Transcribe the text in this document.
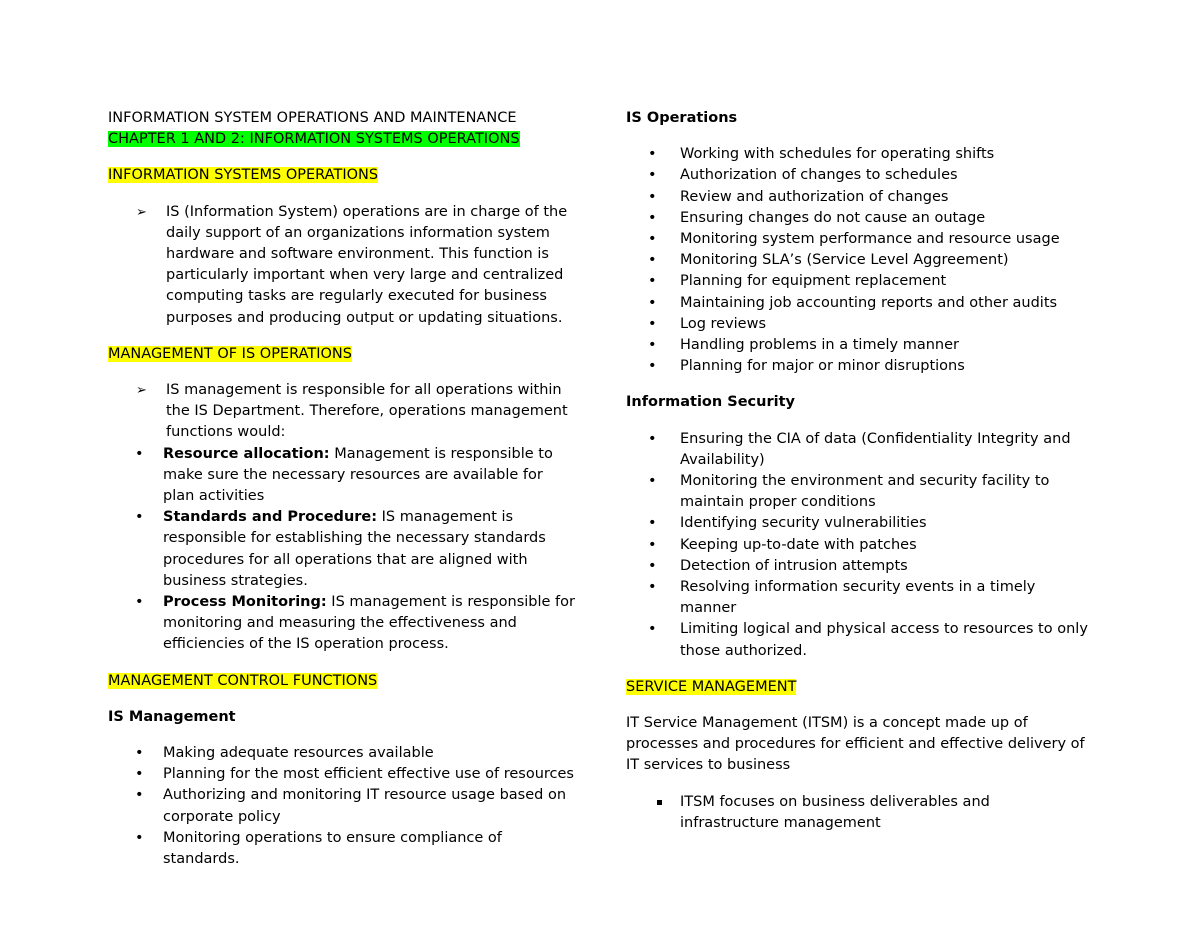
INFORMATION SYSTEM OPERATIONS AND MAINTENANCE

CHAPTER 1 AND 2: INFORMATION SYSTEMS OPERATIONS

INFORMATION SYSTEMS OPERATIONS

➢ IS (Information System) operations are in charge of the daily support of an organizations information system hardware and software environment. This function is particularly important when very large and centralized computing tasks are regularly executed for business purposes and producing output or updating situations.

MANAGEMENT OF IS OPERATIONS

➢ IS management is responsible for all operations within the IS Department. Therefore, operations management functions would:
• Resource allocation: Management is responsible to make sure the necessary resources are available for plan activities
• Standards and Procedure: IS management is responsible for establishing the necessary standards procedures for all operations that are aligned with business strategies.
• Process Monitoring: IS management is responsible for monitoring and measuring the effectiveness and efficiencies of the IS operation process.

MANAGEMENT CONTROL FUNCTIONS

IS Management

• Making adequate resources available
• Planning for the most efficient effective use of resources
• Authorizing and monitoring IT resource usage based on corporate policy
• Monitoring operations to ensure compliance of standards.

IS Operations

• Working with schedules for operating shifts
• Authorization of changes to schedules
• Review and authorization of changes
• Ensuring changes do not cause an outage
• Monitoring system performance and resource usage
• Monitoring SLA’s (Service Level Aggreement)
• Planning for equipment replacement
• Maintaining job accounting reports and other audits
• Log reviews
• Handling problems in a timely manner
• Planning for major or minor disruptions

Information Security

• Ensuring the CIA of data (Confidentiality Integrity and Availability)
• Monitoring the environment and security facility to maintain proper conditions
• Identifying security vulnerabilities
• Keeping up-to-date with patches
• Detection of intrusion attempts
• Resolving information security events in a timely manner
• Limiting logical and physical access to resources to only those authorized.

SERVICE MANAGEMENT

IT Service Management (ITSM) is a concept made up of processes and procedures for efficient and effective delivery of IT services to business

ITSM focuses on business deliverables and infrastructure management
